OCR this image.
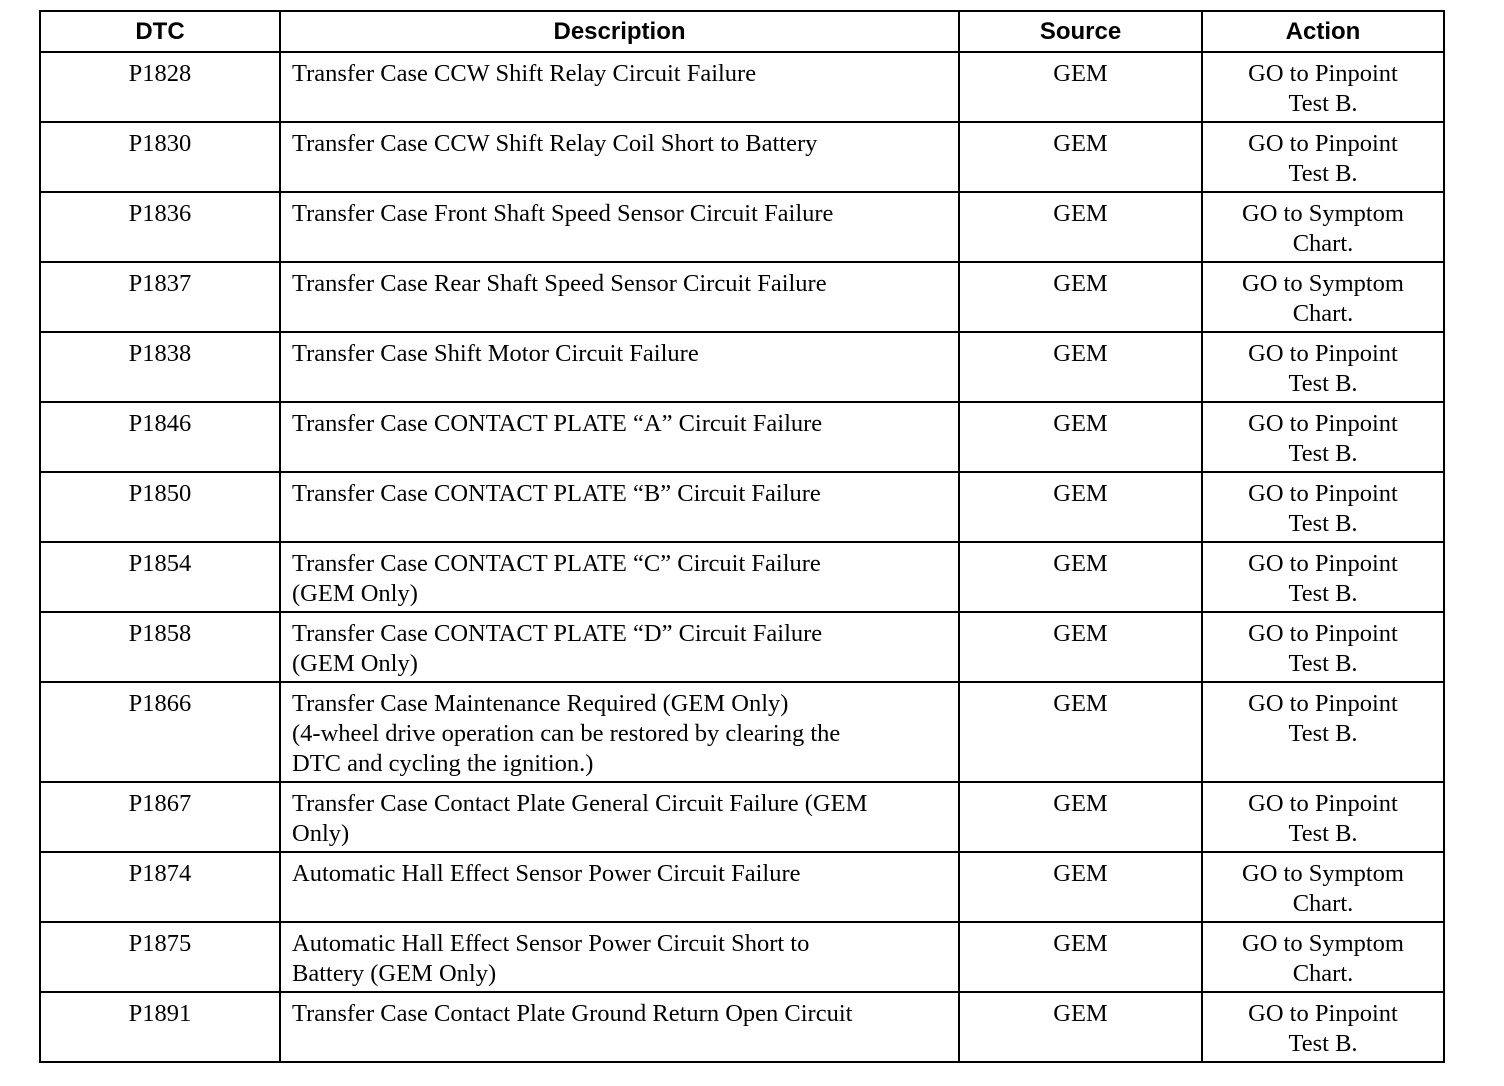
DTC	Description	Source	Action
P1828	Transfer Case CCW Shift Relay Circuit Failure	GEM	GO to Pinpoint
Test B.

P1830	Transfer Case CCW Shift Relay Coil Short to Battery	GEM	GO to Pinpoint
Test B.

P1836	Transfer Case Front Shaft Speed Sensor Circuit Failure	GEM	GO to Symptom
Chart.

P1837	Transfer Case Rear Shaft Speed Sensor Circuit Failure	GEM	GO to Symptom
Chart.

P1838	Transfer Case Shift Motor Circuit Failure	GEM	GO to Pinpoint
Test B.

P1846	Transfer Case CONTACT PLATE “A” Circuit Failure	GEM	GO to Pinpoint
Test B.

P1850	Transfer Case CONTACT PLATE “B” Circuit Failure	GEM	GO to Pinpoint
Test B.

P1854	Transfer Case CONTACT PLATE “C” Circuit Failure
(GEM Only)	GEM	GO to Pinpoint
Test B.

P1858	Transfer Case CONTACT PLATE “D” Circuit Failure
(GEM Only)	GEM	GO to Pinpoint
Test B.

P1866	Transfer Case Maintenance Required (GEM Only)
(4-wheel drive operation can be restored by clearing the
DTC and cycling the ignition.)	GEM	GO to Pinpoint
Test B.

P1867	Transfer Case Contact Plate General Circuit Failure (GEM
Only)	GEM	GO to Pinpoint
Test B.

P1874	Automatic Hall Effect Sensor Power Circuit Failure	GEM	GO to Symptom
Chart.

P1875	Automatic Hall Effect Sensor Power Circuit Short to
Battery (GEM Only)	GEM	GO to Symptom
Chart.

P1891	Transfer Case Contact Plate Ground Return Open Circuit	GEM	GO to Pinpoint
Test B.
